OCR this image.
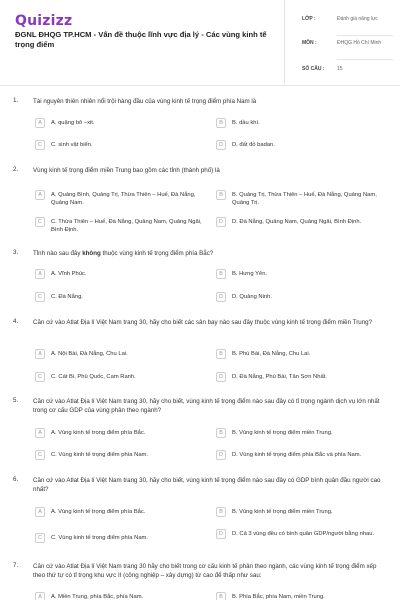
Quizizz
ĐGNL ĐHQG TP.HCM - Vấn đề thuộc lĩnh vực địa lý - Các vùng kinh tế trọng điểm
LỚP :	Đánh giá năng lực
MÔN :	ĐHQG Hồ Chí Minh
SỐ CÂU :	15
1. Tài nguyên thiên nhiên nổi trội hàng đầu của vùng kinh tế trọng điểm phía Nam là
A	A. quặng bô –xit.	B	B. dầu khí.
C	C. sinh vật biển.	D	D. đất đỏ badan.
2. Vùng kinh tế trọng điểm miền Trung bao gồm các tỉnh (thành phố) là
A	A. Quảng Bình, Quảng Trị, Thừa Thiên – Huế, Đà Nẵng, Quảng Nam.
B	B. Quảng Trị, Thừa Thiên – Huế, Đà Nẵng, Quảng Nam, Quảng Trị.
C	C. Thừa Thiên – Huế, Đà Nẵng, Quảng Nam, Quảng Ngãi, Bình Định.
D	D. Đà Nẵng, Quảng Nam, Quảng Ngãi, Bình Định.
3. Tỉnh nào sau đây không thuộc vùng kinh tế trọng điểm phía Bắc?
A	A. Vĩnh Phúc.	B	B. Hưng Yên.
C	C. Đà Nẵng.	D	D. Quảng Ninh.
4. Căn cứ vào Atlat Địa lí Việt Nam trang 30, hãy cho biết các sân bay nào sau đây thuộc vùng kinh tế trọng điểm miền Trung?
A	A. Nội Bài, Đà Nẵng, Chu Lai.	B	B. Phú Bài, Đà Nẵng, Chu Lai.
C	C. Cát Bi, Phù Quốc, Cam Ranh.	D	D. Đà Nẵng, Phú Bài, Tân Sơn Nhất.
5. Căn cứ vào Atlat Địa lí Việt Nam trang 30, hãy cho biết, vùng kinh tế trọng điểm nào sau đây có tỉ trọng ngành dịch vụ lớn nhất trong cơ cấu GDP của vùng phân theo ngành?
A	A. Vùng kinh tế trọng điểm phía Bắc.	B	B. Vùng kinh tế trọng điểm miền Trung.
C	C. Vùng kinh tế trọng điểm phía Nam.	D	D. Vùng kinh tế trọng điểm phía Bắc và phía Nam.
6. Căn cứ vào Atlat Địa lí Việt Nam trang 30, hãy cho biết, vùng kinh tế trọng điểm nào sau đây có GDP bình quân đầu người cao nhất?
A	A. Vùng kinh tế trọng điểm phía Bắc.	B	B. Vùng kinh tế trọng điểm miền Trung.
C	C. Vùng kinh tế trọng điểm phía Nam.
D	D. Cả 3 vùng đều có bình quân GDP/người bằng nhau.
7. Căn cứ vào Atlat Địa lí Việt Nam trang 30 hãy cho biết trong cơ cấu kinh tế phân theo ngành, các vùng kinh tế trọng điểm xếp theo thứ tự có tỉ trọng khu vực II (công nghiệp – xây dựng) từ cao để thấp như sau:
A	A. Miền Trung, phía Bắc, phía Nam.	B	B. Phía Bắc, phía Nam, miền Trung.
